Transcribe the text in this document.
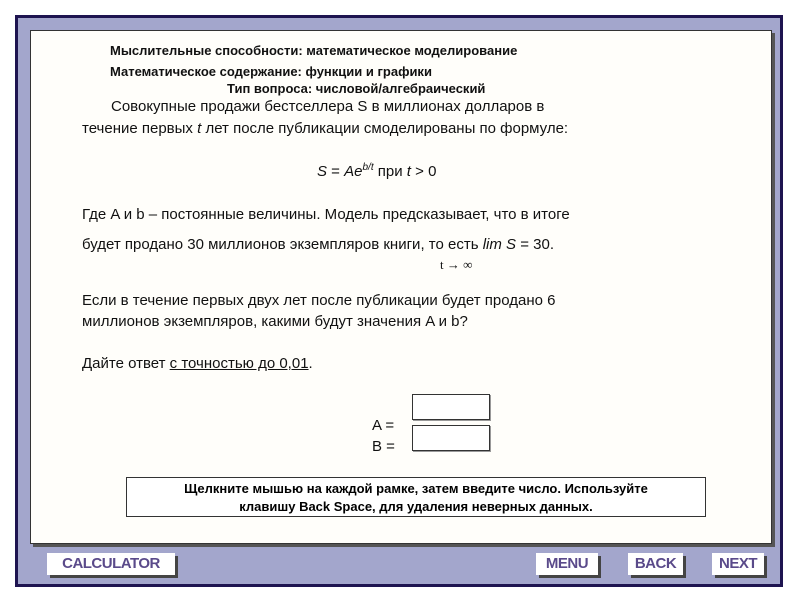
Мыслительные способности: математическое моделирование
Математическое содержание: функции и графики
Тип вопроса: числовой/алгебраический
Совокупные продажи бестселлера S в миллионах долларов в
течение первых t лет после публикации смоделированы по формуле:
$S = Ae^{b/t}$ при t > 0
Где A и b – постоянные величины. Модель предсказывает, что в итоге
будет продано 30 миллионов экземпляров книги, то есть lim S = 30.
t → ∞
Если в течение первых двух лет после публикации будет продано 6
миллионов экземпляров, какими будут значения A и b?
Дайте ответ с точностью до 0,01.
A =
B =
Щелкните мышью на каждой рамке, затем введите число. Используйте
клавишу Back Space, для удаления неверных данных.
CALCULATOR	MENU	BACK	NEXT
